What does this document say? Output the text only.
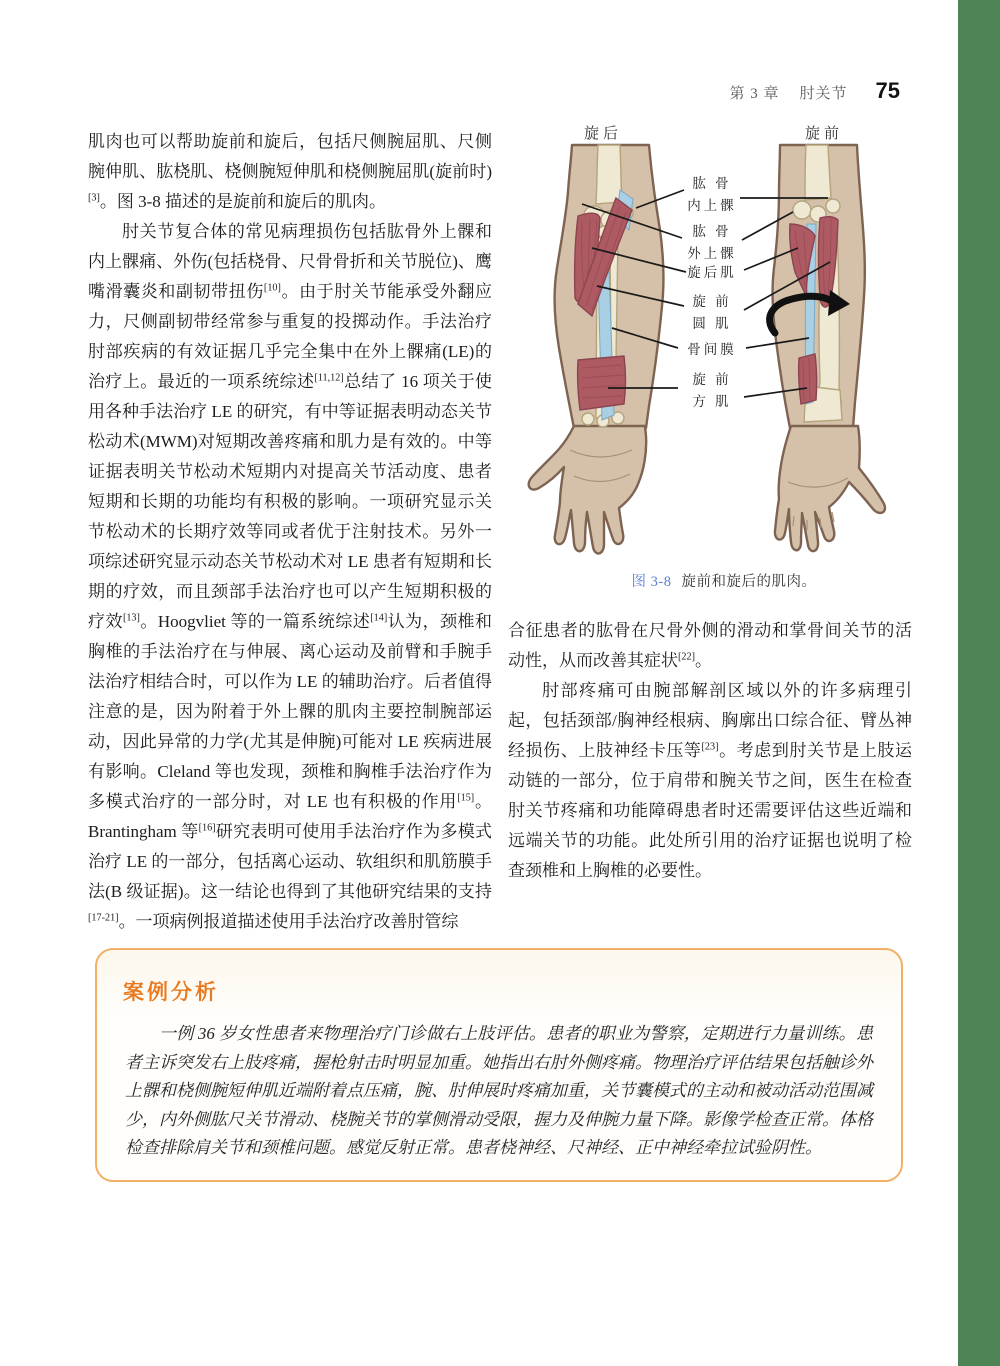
第 3 章 肘关节 75

肌肉也可以帮助旋前和旋后，包括尺侧腕屈肌、尺侧腕伸肌、肱桡肌、桡侧腕短伸肌和桡侧腕屈肌(旋前时)[3]。图 3-8 描述的是旋前和旋后的肌肉。

肘关节复合体的常见病理损伤包括肱骨外上髁和内上髁痛、外伤(包括桡骨、尺骨骨折和关节脱位)、鹰嘴滑囊炎和副韧带扭伤[10]。由于肘关节能承受外翻应力，尺侧副韧带经常参与重复的投掷动作。手法治疗肘部疾病的有效证据几乎完全集中在外上髁痛(LE)的治疗上。最近的一项系统综述[11,12]总结了 16 项关于使用各种手法治疗 LE 的研究，有中等证据表明动态关节松动术(MWM)对短期改善疼痛和肌力是有效的。中等证据表明关节松动术短期内对提高关节活动度、患者短期和长期的功能均有积极的影响。一项研究显示关节松动术的长期疗效等同或者优于注射技术。另外一项综述研究显示动态关节松动术对 LE 患者有短期和长期的疗效，而且颈部手法治疗也可以产生短期积极的疗效[13]。Hoogvliet 等的一篇系统综述[14]认为，颈椎和胸椎的手法治疗在与伸展、离心运动及前臂和手腕手法治疗相结合时，可以作为 LE 的辅助治疗。后者值得注意的是，因为附着于外上髁的肌肉主要控制腕部运动，因此异常的力学(尤其是伸腕)可能对 LE 疾病进展有影响。Cleland 等也发现，颈椎和胸椎手法治疗作为多模式治疗的一部分时，对 LE 也有积极的作用[15]。Brantingham 等[16]研究表明可使用手法治疗作为多模式治疗 LE 的一部分，包括离心运动、软组织和肌筋膜手法(B 级证据)。这一结论也得到了其他研究结果的支持[17-21]。一项病例报道描述使用手法治疗改善肘管综

旋后	旋前
肱 骨
内上髁
肱 骨
外上髁
旋后肌
旋 前
圆 肌
骨间膜
旋 前
方 肌
图 3-8 旋前和旋后的肌肉。

合征患者的肱骨在尺骨外侧的滑动和掌骨间关节的活动性，从而改善其症状[22]。

肘部疼痛可由腕部解剖区域以外的许多病理引起，包括颈部/胸神经根病、胸廓出口综合征、臂丛神经损伤、上肢神经卡压等[23]。考虑到肘关节是上肢运动链的一部分，位于肩带和腕关节之间，医生在检查肘关节疼痛和功能障碍患者时还需要评估这些近端和远端关节的功能。此处所引用的治疗证据也说明了检查颈椎和上胸椎的必要性。

案例分析

一例 36 岁女性患者来物理治疗门诊做右上肢评估。患者的职业为警察，定期进行力量训练。患者主诉突发右上肢疼痛，握枪射击时明显加重。她指出右肘外侧疼痛。物理治疗评估结果包括触诊外上髁和桡侧腕短伸肌近端附着点压痛，腕、肘伸展时疼痛加重，关节囊模式的主动和被动活动范围减少，内外侧肱尺关节滑动、桡腕关节的掌侧滑动受限，握力及伸腕力量下降。影像学检查正常。体格检查排除肩关节和颈椎问题。感觉反射正常。患者桡神经、尺神经、正中神经牵拉试验阴性。
